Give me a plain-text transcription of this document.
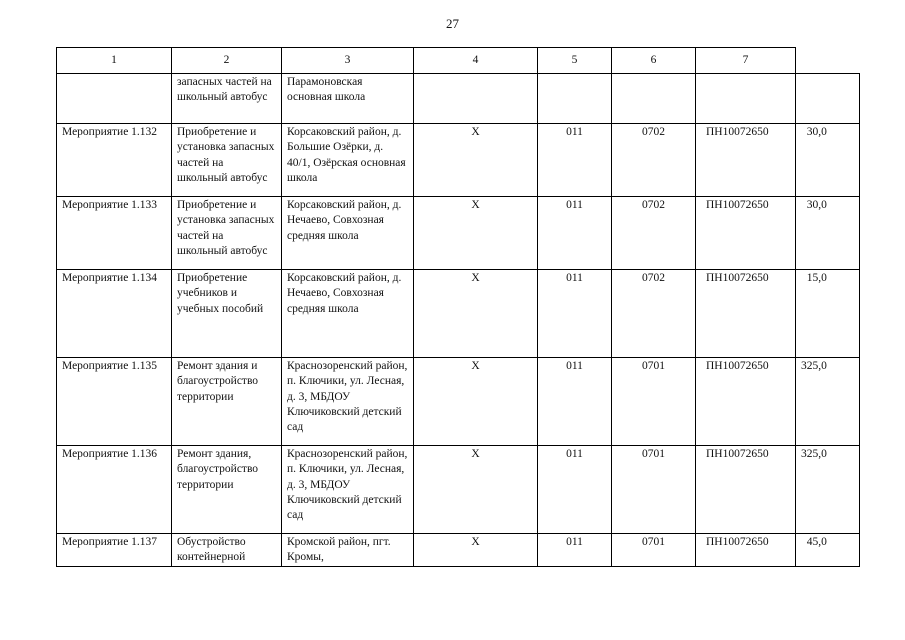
27
1	2	3	4	5	6	7	
	запасных частей на школьный автобус	Парамоновская основная школа					
Мероприятие 1.132	Приобретение и установка запасных частей на школьный автобус	Корсаковский район, д. Большие Озёрки, д. 40/1, Озёрская основная школа	Х	011	0702	ПН10072650	30,0
Мероприятие 1.133	Приобретение и установка запасных частей на школьный автобус	Корсаковский район, д. Нечаево, Совхозная средняя школа	Х	011	0702	ПН10072650	30,0
Мероприятие 1.134	Приобретение учебников и учебных пособий	Корсаковский район, д. Нечаево, Совхозная средняя школа	Х	011	0702	ПН10072650	15,0
Мероприятие 1.135	Ремонт здания и благоустройство территории	Краснозоренский район, п. Ключики, ул. Лесная, д. 3, МБДОУ Ключиковский детский сад	Х	011	0701	ПН10072650	325,0
Мероприятие 1.136	Ремонт здания, благоустройство территории	Краснозоренский район, п. Ключики, ул. Лесная, д. 3, МБДОУ Ключиковский детский сад	Х	011	0701	ПН10072650	325,0
Мероприятие 1.137	Обустройство контейнерной	Кромской район, пгт. Кромы,	Х	011	0701	ПН10072650	45,0
